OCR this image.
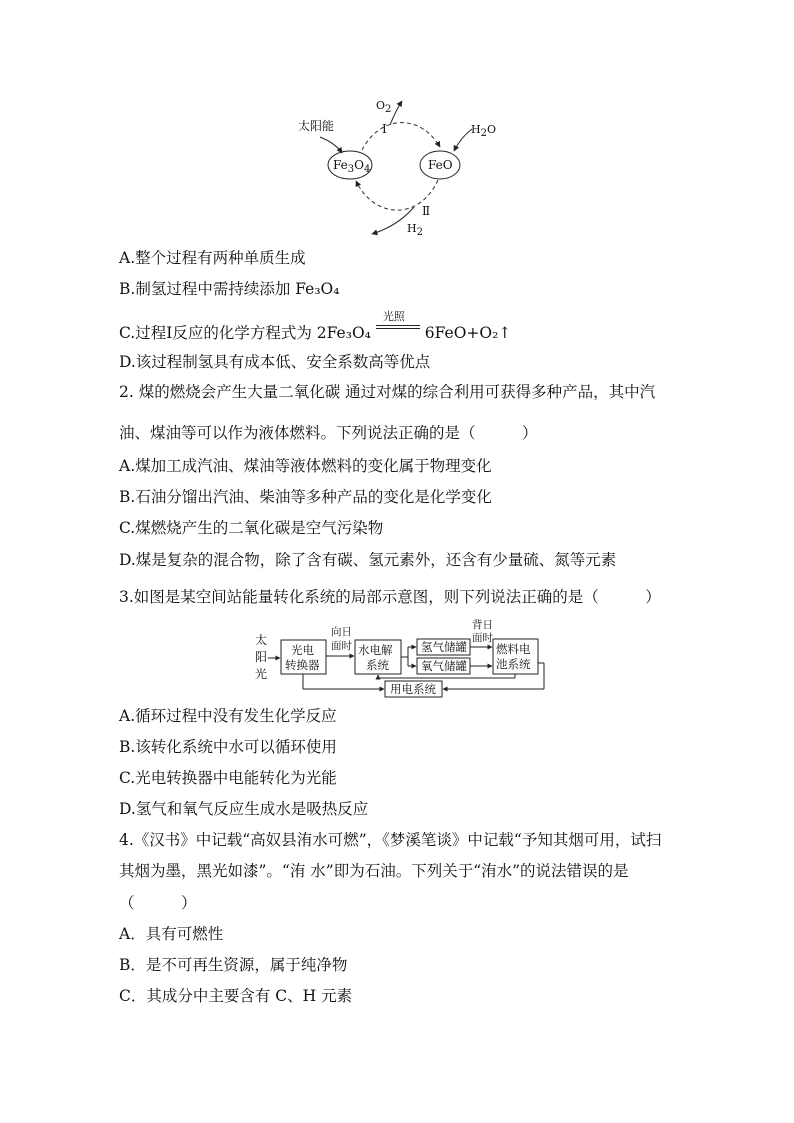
$Fe_3O_4$	FeO
太阳能	Ⅰ
O2
H2O
Ⅱ
H2
A.整个过程有两种单质生成
B.制氢过程中需持续添加 Fe₃O₄
C.过程Ⅰ反应的化学方程式为 2Fe₃O₄
光照
6FeO+O₂↑
D.该过程制氢具有成本低、安全系数高等优点
2. 煤的燃烧会产生大量二氧化碳 通过对煤的综合利用可获得多种产品，其中汽
油、煤油等可以作为液体燃料。下列说法正确的是（　　　）
A.煤加工成汽油、煤油等液体燃料的变化属于物理变化
B.石油分馏出汽油、柴油等多种产品的变化是化学变化
C.煤燃烧产生的二氧化碳是空气污染物
D.煤是复杂的混合物，除了含有碳、氢元素外，还含有少量硫、氮等元素
3.如图是某空间站能量转化系统的局部示意图，则下列说法正确的是（　　　）
太
阳
光
光电
转换器
向日
面时 水电解
系统
氢气储罐
氧气储罐
背日
面时
燃料电
池系统
用电系统
A.循环过程中没有发生化学反应
B.该转化系统中水可以循环使用
C.光电转换器中电能转化为光能
D.氢气和氧气反应生成水是吸热反应
4.《汉书》中记载“高奴县洧水可燃”，《梦溪笔谈》中记载“予知其烟可用，试扫
其烟为墨，黑光如漆”。“洧 水”即为石油。下列关于“洧水”的说法错误的是
（　　　）
A．具有可燃性
B．是不可再生资源，属于纯净物
C．其成分中主要含有 C、H 元素
